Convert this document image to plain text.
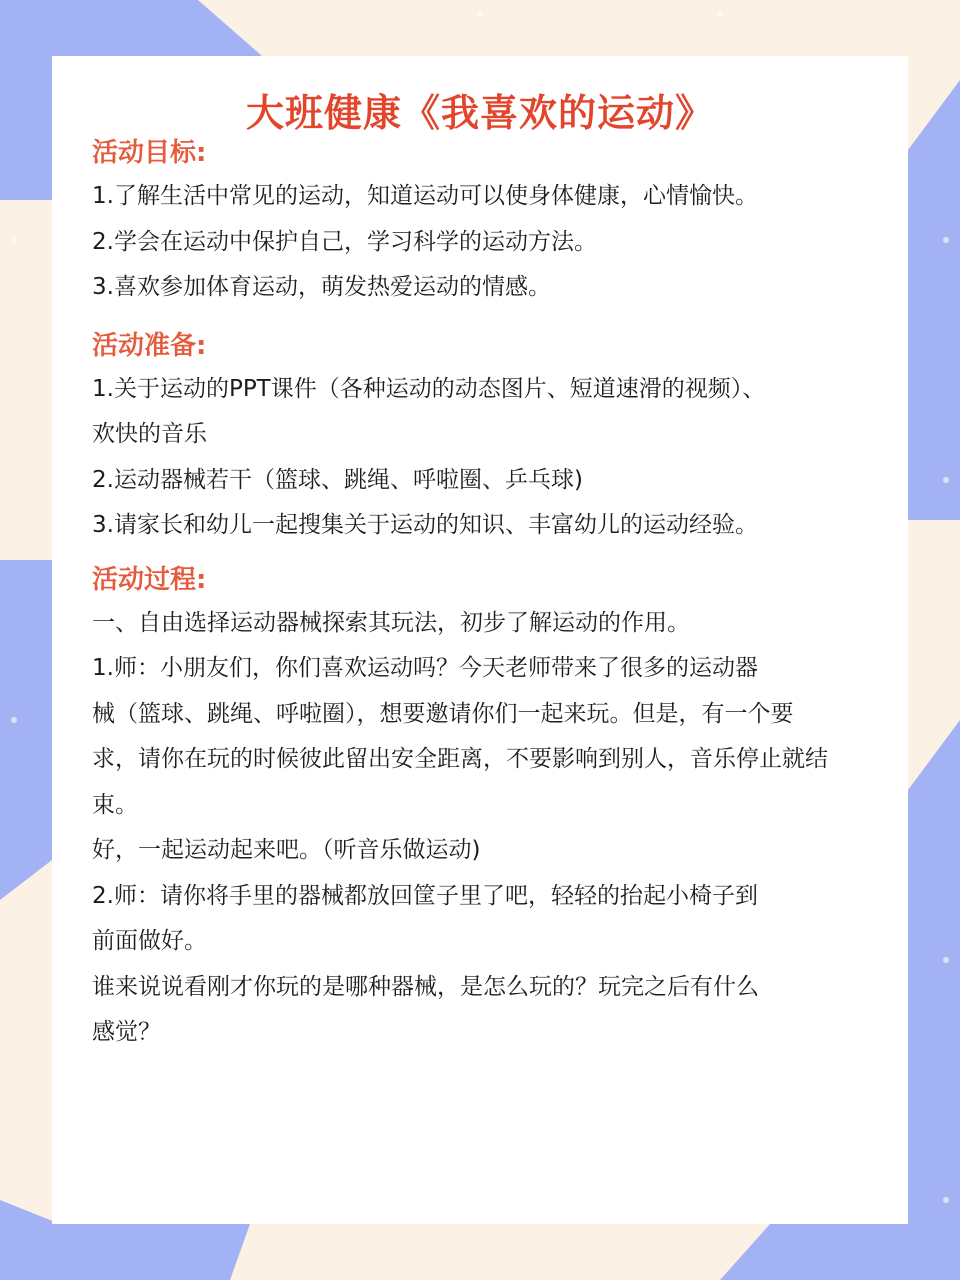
大班健康《我喜欢的运动》
活动目标:
1.了解生活中常见的运动，知道运动可以使身体健康，心情愉快。
2.学会在运动中保护自己，学习科学的运动方法。
3.喜欢参加体育运动，萌发热爱运动的情感。
活动准备:
1.关于运动的PPT课件（各种运动的动态图片、短道速滑的视频）、
欢快的音乐
2.运动器械若干（篮球、跳绳、呼啦圈、乒乓球)
3.请家长和幼儿一起搜集关于运动的知识、丰富幼儿的运动经验。
活动过程:
一、自由选择运动器械探索其玩法，初步了解运动的作用。
1.师：小朋友们，你们喜欢运动吗？今天老师带来了很多的运动器
械（篮球、跳绳、呼啦圈），想要邀请你们一起来玩。但是，有一个要
求，请你在玩的时候彼此留出安全距离，不要影响到别人，音乐停止就结
束。
好，一起运动起来吧。（听音乐做运动)
2.师：请你将手里的器械都放回筐子里了吧，轻轻的抬起小椅子到
前面做好。
谁来说说看刚才你玩的是哪种器械，是怎么玩的？玩完之后有什么
感觉？
